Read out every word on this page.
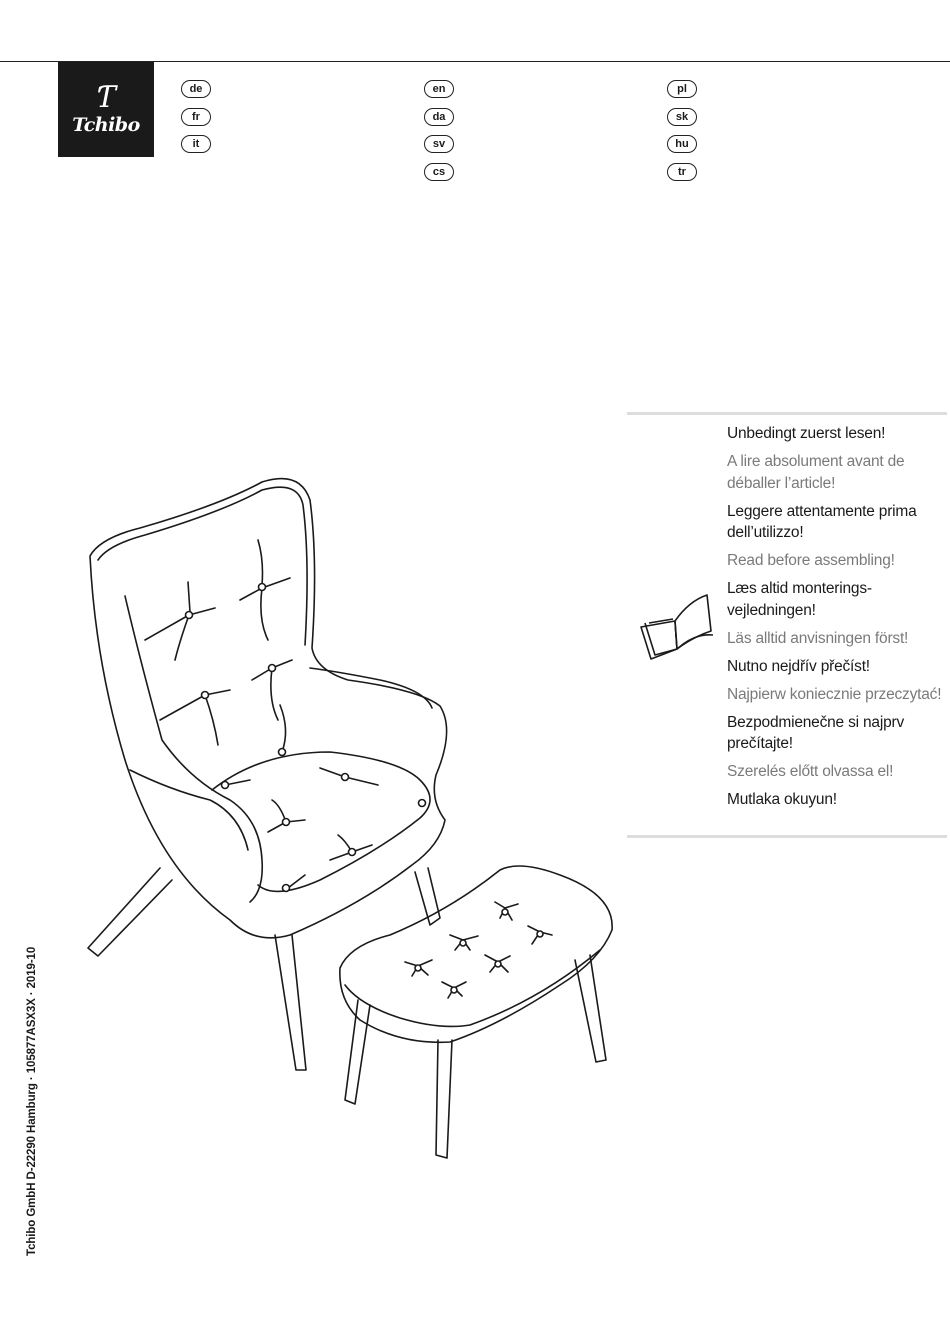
Ƭ
Tchibo
de
fr
it
en
da
sv
cs
pl
sk
hu
tr
Unbedingt zuerst lesen!
A lire absolument avant de déballer l’article!
Leggere attentamente prima dell’utilizzo!
Read before assembling!
Læs altid monterings-vejledningen!
Läs alltid anvisningen först!
Nutno nejdřív přečíst!
Najpierw koniecznie przeczytać!
Bezpodmienečne si najprv prečítajte!
Szerelés előtt olvassa el!
Mutlaka okuyun!
Tchibo GmbH D-22290 Hamburg · 105877ASX3X · 2019-10
